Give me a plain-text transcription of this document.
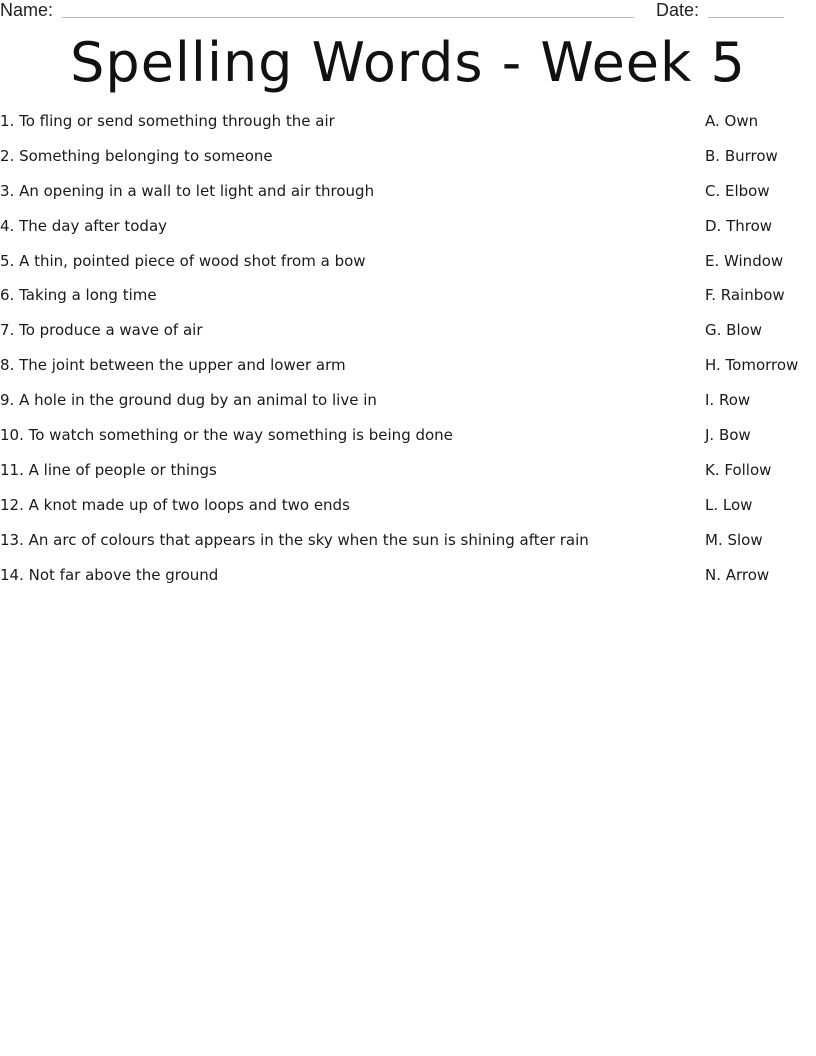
Name:	Date:
Spelling Words - Week 5
1. To fling or send something through the air
2. Something belonging to someone
3. An opening in a wall to let light and air through
4. The day after today
5. A thin, pointed piece of wood shot from a bow
6. Taking a long time
7. To produce a wave of air
8. The joint between the upper and lower arm
9. A hole in the ground dug by an animal to live in
10. To watch something or the way something is being done
11. A line of people or things
12. A knot made up of two loops and two ends
13. An arc of colours that appears in the sky when the sun is shining after rain
14. Not far above the ground
A. Own
B. Burrow
C. Elbow
D. Throw
E. Window
F. Rainbow
G. Blow
H. Tomorrow
I. Row
J. Bow
K. Follow
L. Low
M. Slow
N. Arrow
